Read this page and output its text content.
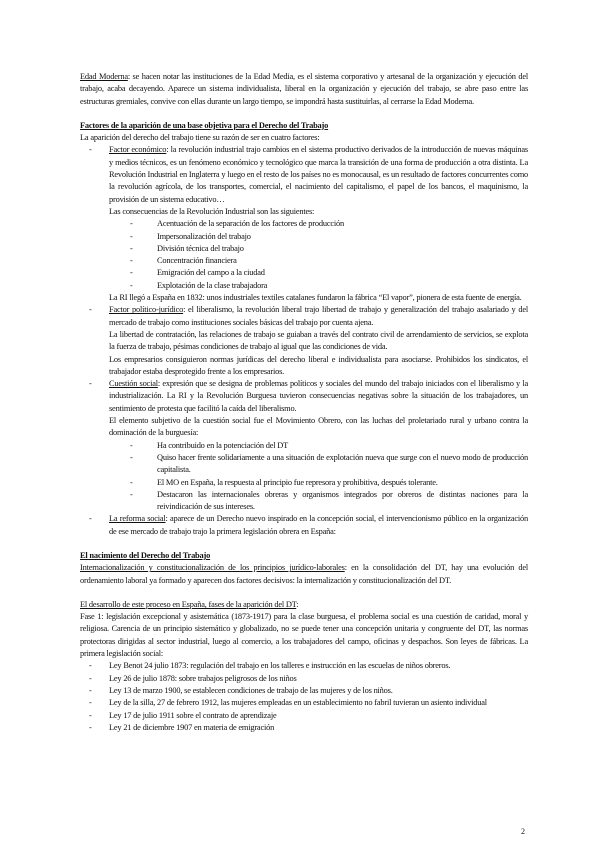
Edad Moderna: se hacen notar las instituciones de la Edad Media, es el sistema corporativo y artesanal de la organización y ejecución del trabajo, acaba decayendo. Aparece un sistema individualista, liberal en la organización y ejecución del trabajo, se abre paso entre las estructuras gremiales, convive con ellas durante un largo tiempo, se impondrá hasta sustituirlas, al cerrarse la Edad Moderna.

Factores de la aparición de una base objetiva para el Derecho del Trabajo

La aparición del derecho del trabajo tiene su razón de ser en cuatro factores:

- Factor económico: la revolución industrial trajo cambios en el sistema productivo derivados de la introducción de nuevas máquinas y medios técnicos, es un fenómeno económico y tecnológico que marca la transición de una forma de producción a otra distinta. La Revolución Industrial en Inglaterra y luego en el resto de los países no es monocausal, es un resultado de factores concurrentes como la revolución agrícola, de los transportes, comercial, el nacimiento del capitalismo, el papel de los bancos, el maquinismo, la provisión de un sistema educativo…
Las consecuencias de la Revolución Industrial son las siguientes:
- Acentuación de la separación de los factores de producción
- Impersonalización del trabajo
- División técnica del trabajo
- Concentración financiera
- Emigración del campo a la ciudad
- Explotación de la clase trabajadora
La RI llegó a España en 1832: unos industriales textiles catalanes fundaron la fábrica “El vapor”, pionera de esta fuente de energía.
- Factor político-jurídico: el liberalismo, la revolución liberal trajo libertad de trabajo y generalización del trabajo asalariado y del mercado de trabajo como instituciones sociales básicas del trabajo por cuenta ajena.
La libertad de contratación, las relaciones de trabajo se guiaban a través del contrato civil de arrendamiento de servicios, se explota la fuerza de trabajo, pésimas condiciones de trabajo al igual que las condiciones de vida.
Los empresarios consiguieron normas jurídicas del derecho liberal e individualista para asociarse. Prohibidos los sindicatos, el trabajador estaba desprotegido frente a los empresarios.
- Cuestión social: expresión que se designa de problemas políticos y sociales del mundo del trabajo iniciados con el liberalismo y la industrialización. La RI y la Revolución Burguesa tuvieron consecuencias negativas sobre la situación de los trabajadores, un sentimiento de protesta que facilitó la caída del liberalismo.
El elemento subjetivo de la cuestión social fue el Movimiento Obrero, con las luchas del proletariado rural y urbano contra la dominación de la burguesía:
- Ha contribuido en la potenciación del DT
- Quiso hacer frente solidariamente a una situación de explotación nueva que surge con el nuevo modo de producción capitalista.
- El MO en España, la respuesta al principio fue represora y prohibitiva, después tolerante.
- Destacaron las internacionales obreras y organismos integrados por obreros de distintas naciones para la reivindicación de sus intereses.
- La reforma social: aparece de un Derecho nuevo inspirado en la concepción social, el intervencionismo público en la organización de ese mercado de trabajo trajo la primera legislación obrera en España:

El nacimiento del Derecho del Trabajo

Internacionalización y constitucionalización de los principios jurídico-laborales: en la consolidación del DT, hay una evolución del ordenamiento laboral ya formado y aparecen dos factores decisivos: la internalización y constitucionalización del DT.

El desarrollo de este proceso en España, fases de la aparición del DT:

Fase 1: legislación excepcional y asistemática (1873-1917) para la clase burguesa, el problema social es una cuestión de caridad, moral y religiosa. Carencia de un principio sistemático y globalizado, no se puede tener una concepción unitaria y congruente del DT, las normas protectoras dirigidas al sector industrial, luego al comercio, a los trabajadores del campo, oficinas y despachos. Son leyes de fábricas. La primera legislación social:

- Ley Benot 24 julio 1873: regulación del trabajo en los talleres e instrucción en las escuelas de niños obreros.
- Ley 26 de julio 1878: sobre trabajos peligrosos de los niños
- Ley 13 de marzo 1900, se establecen condiciones de trabajo de las mujeres y de los niños.
- Ley de la silla, 27 de febrero 1912, las mujeres empleadas en un establecimiento no fabril tuvieran un asiento individual
- Ley 17 de julio 1911 sobre el contrato de aprendizaje
- Ley 21 de diciembre 1907 en materia de emigración
2
